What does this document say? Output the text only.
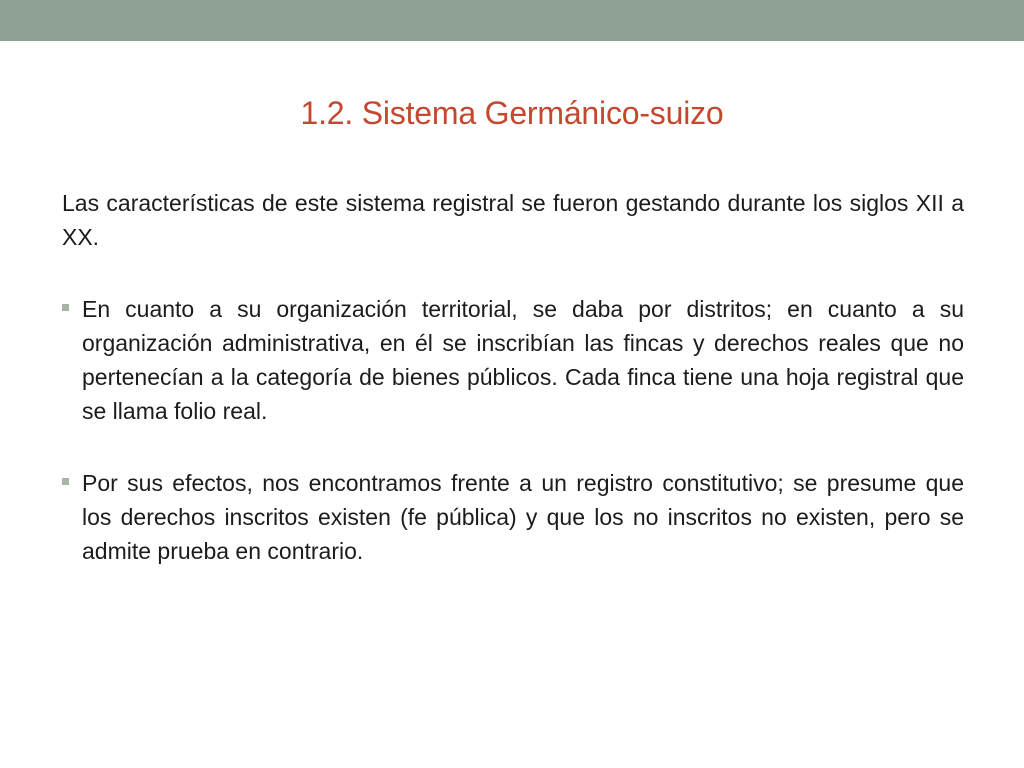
1.2. Sistema Germánico-suizo

Las características de este sistema registral se fueron gestando durante los siglos XII a XX.

En cuanto a su organización territorial, se daba por distritos; en cuanto a su organización administrativa, en él se inscribían las fincas y derechos reales que no pertenecían a la categoría de bienes públicos. Cada finca tiene una hoja registral que se llama folio real.
Por sus efectos, nos encontramos frente a un registro constitutivo; se presume que los derechos inscritos existen (fe pública) y que los no inscritos no existen, pero se admite prueba en contrario.
